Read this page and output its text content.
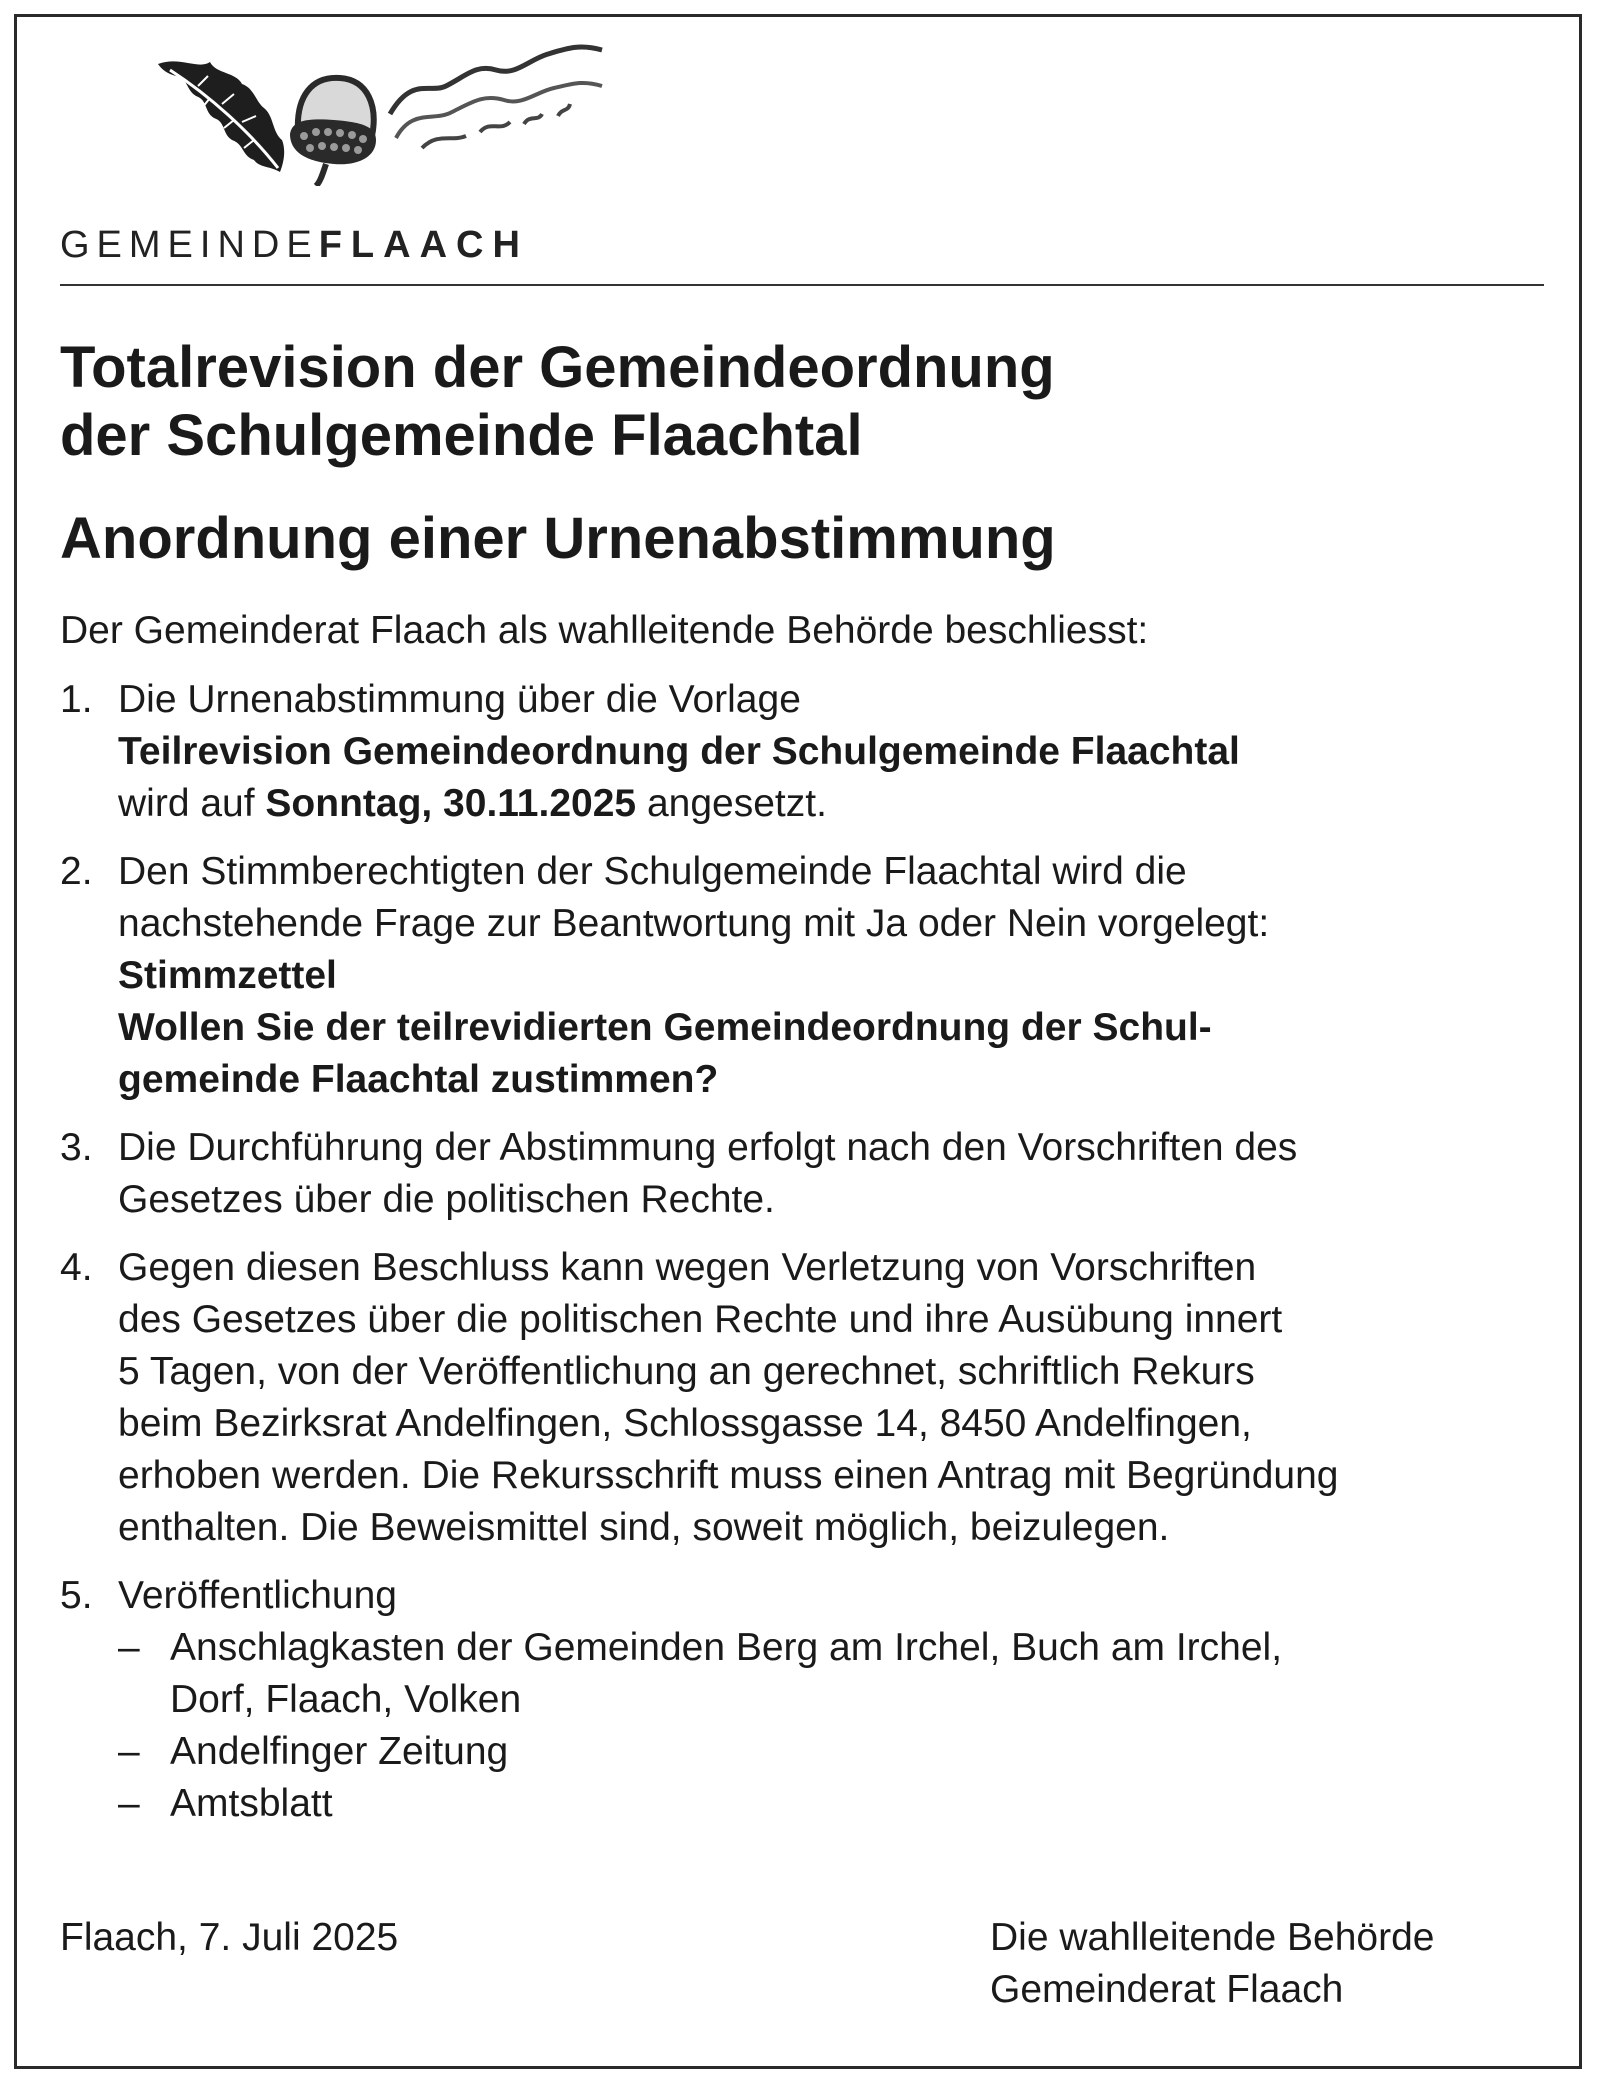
GEMEINDEFLAACH
Totalrevision der Gemeindeordnung
der Schulgemeinde Flaachtal
Anordnung einer Urnenabstimmung

Der Gemeinderat Flaach als wahlleitende Behörde beschliesst:

1. Die Urnenabstimmung über die Vorlage
Teilrevision Gemeindeordnung der Schulgemeinde Flaachtal
wird auf Sonntag, 30.11.2025 angesetzt.
2. Den Stimmberechtigten der Schulgemeinde Flaachtal wird die
nachstehende Frage zur Beantwortung mit Ja oder Nein vorgelegt:
Stimmzettel
Wollen Sie der teilrevidierten Gemeindeordnung der Schul-
gemeinde Flaachtal zustimmen?
3. Die Durchführung der Abstimmung erfolgt nach den Vorschriften des
Gesetzes über die politischen Rechte.
4. Gegen diesen Beschluss kann wegen Verletzung von Vorschriften
des Gesetzes über die politischen Rechte und ihre Ausübung innert
5 Tagen, von der Veröffentlichung an gerechnet, schriftlich Rekurs
beim Bezirksrat Andelfingen, Schlossgasse 14, 8450 Andelfingen,
erhoben werden. Die Rekursschrift muss einen Antrag mit Begründung
enthalten. Die Beweismittel sind, soweit möglich, beizulegen.
5. Veröffentlichung
– Anschlagkasten der Gemeinden Berg am Irchel, Buch am Irchel,
Dorf, Flaach, Volken
– Andelfinger Zeitung
– Amtsblatt
Flaach, 7. Juli 2025	Die wahlleitende Behörde
Gemeinderat Flaach
